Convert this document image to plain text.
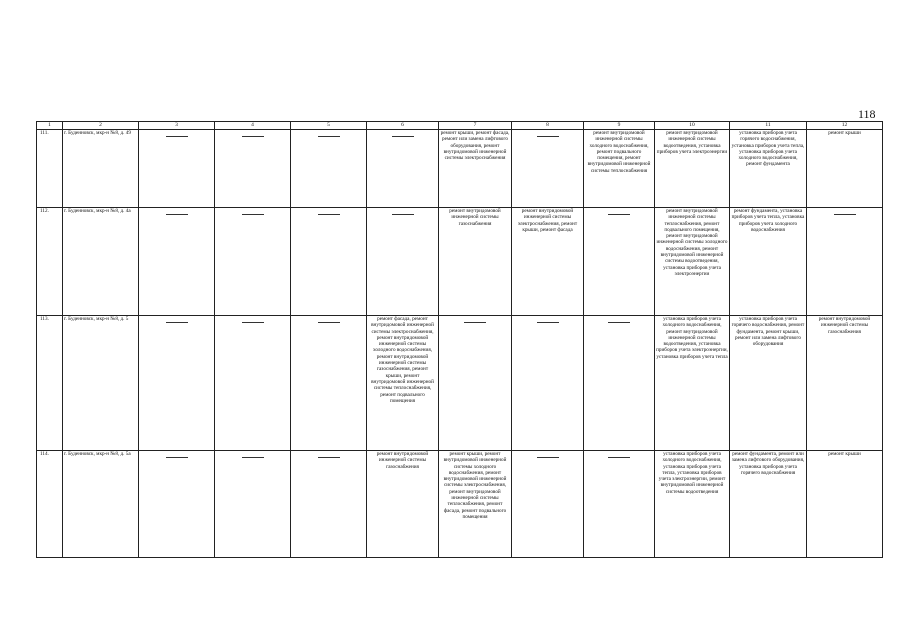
118
1	2	3	4	5	6	7	8	9	10	11	12
111.	г. Буденновск, мкр-н №8, д. 49					ремонт крыши, ремонт фасада, ремонт или замена лифтового оборудования, ремонт внутридомовой инженерной системы электроснабжения		ремонт внутридомовой инженерной системы холодного водоснабжения, ремонт подвального помещения, ремонт внутридомовой инженерной системы теплоснабжения	ремонт внутридомовой инженерной системы водоотведения, установка приборов учета электроэнергии	установка приборов учета горячего водоснабжения, установка приборов учета тепла, установка приборов учета холодного водоснабжения, ремонт фундамента	ремонт крыши
112.	г. Буденновск, мкр-н №8, д. 4а					ремонт внутридомовой инженерной системы газоснабжения	ремонт внутридомовой инженерной системы электроснабжения, ремонт крыши, ремонт фасада		ремонт внутридомовой инженерной системы теплоснабжения, ремонт подвального помещения, ремонт внутридомовой инженерной системы холодного водоснабжения, ремонт внутридомовой инженерной системы водоотведения, установка приборов учета электроэнергии	ремонт фундамента, установка приборов учета тепла, установка приборов учета холодного водоснабжения	

113.	г. Буденновск, мкр-н №8, д. 5				ремонт фасада, ремонт внутридомовой инженерной системы электроснабжения, ремонт внутридомовой инженерной системы холодного водоснабжения, ремонт внутридомовой инженерной системы газоснабжения, ремонт крыши, ремонт внутридомовой инженерной системы теплоснабжения, ремонт подвального помещения				установка приборов учета холодного водоснабжения, ремонт внутридомовой инженерной системы водоотведения, установка приборов учета электроэнергии, установка приборов учета тепла	установка приборов учета горячего водоснабжения, ремонт фундамента, ремонт крыши, ремонт или замена лифтового оборудования	ремонт внутридомовой инженерной системы газоснабжения
114.	г. Буденновск, мкр-н №8, д. 5а				ремонт внутридомовой инженерной системы газоснабжения	ремонт крыши, ремонт внутридомовой инженерной системы холодного водоснабжения, ремонт внутридомовой инженерной системы электроснабжения, ремонт внутридомовой инженерной системы теплоснабжения, ремонт фасада, ремонт подвального помещения			установка приборов учета холодного водоснабжения, установка приборов учета тепла, установка приборов учета электроэнергии, ремонт внутридомовой инженерной системы водоотведения	ремонт фундамента, ремонт или замена лифтового оборудования, установка приборов учета горячего водоснабжения	ремонт крыши
